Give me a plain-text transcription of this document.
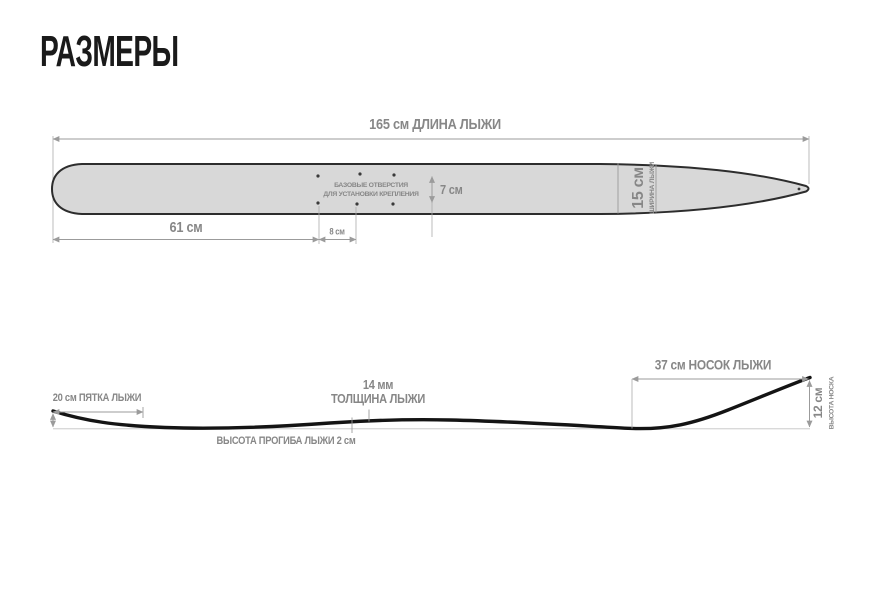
РАЗМЕРЫ
165 см ДЛИНА ЛЫЖИ
БАЗОВЫЕ ОТВЕРСТИЯ
ДЛЯ УСТАНОВКИ КРЕПЛЕНИЯ 7 см
61 см	8 см
15 см ШИРИНА ЛЫЖИ
20 см ПЯТКА ЛЫЖИ
14 мм
ТОЛЩИНА ЛЫЖИ
ВЫСОТА ПРОГИБА ЛЫЖИ 2 см
37 см НОСОК ЛЫЖИ
12 см ВЫСОТА НОСКА
